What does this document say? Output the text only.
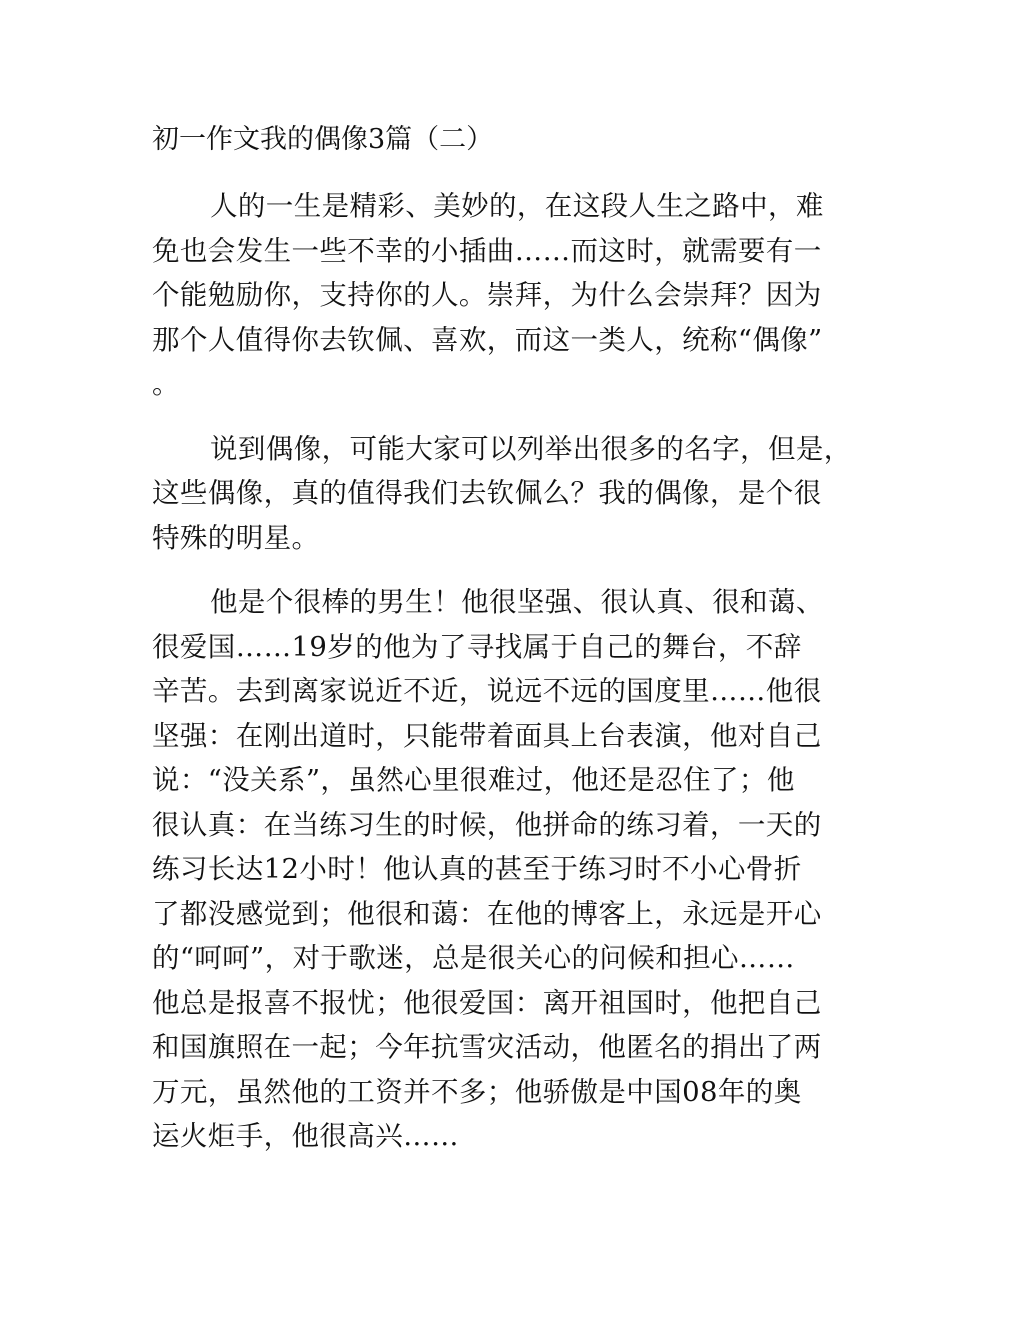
初一作文我的偶像3篇（二）
人的一生是精彩、美妙的，在这段人生之路中，难
免也会发生一些不幸的小插曲……而这时，就需要有一
个能勉励你，支持你的人。崇拜，为什么会崇拜？因为
那个人值得你去钦佩、喜欢，而这一类人，统称“偶像”
。
说到偶像，可能大家可以列举出很多的名字，但是，
这些偶像，真的值得我们去钦佩么？我的偶像，是个很
特殊的明星。
他是个很棒的男生！他很坚强、很认真、很和蔼、
很爱国……19岁的他为了寻找属于自己的舞台，不辞
辛苦。去到离家说近不近，说远不远的国度里……他很
坚强：在刚出道时，只能带着面具上台表演，他对自己
说：“没关系”，虽然心里很难过，他还是忍住了；他
很认真：在当练习生的时候，他拼命的练习着，一天的
练习长达12小时！他认真的甚至于练习时不小心骨折
了都没感觉到；他很和蔼：在他的博客上，永远是开心
的“呵呵”，对于歌迷，总是很关心的问候和担心……
他总是报喜不报忧；他很爱国：离开祖国时，他把自己
和国旗照在一起；今年抗雪灾活动，他匿名的捐出了两
万元，虽然他的工资并不多；他骄傲是中国08年的奥
运火炬手，他很高兴……
